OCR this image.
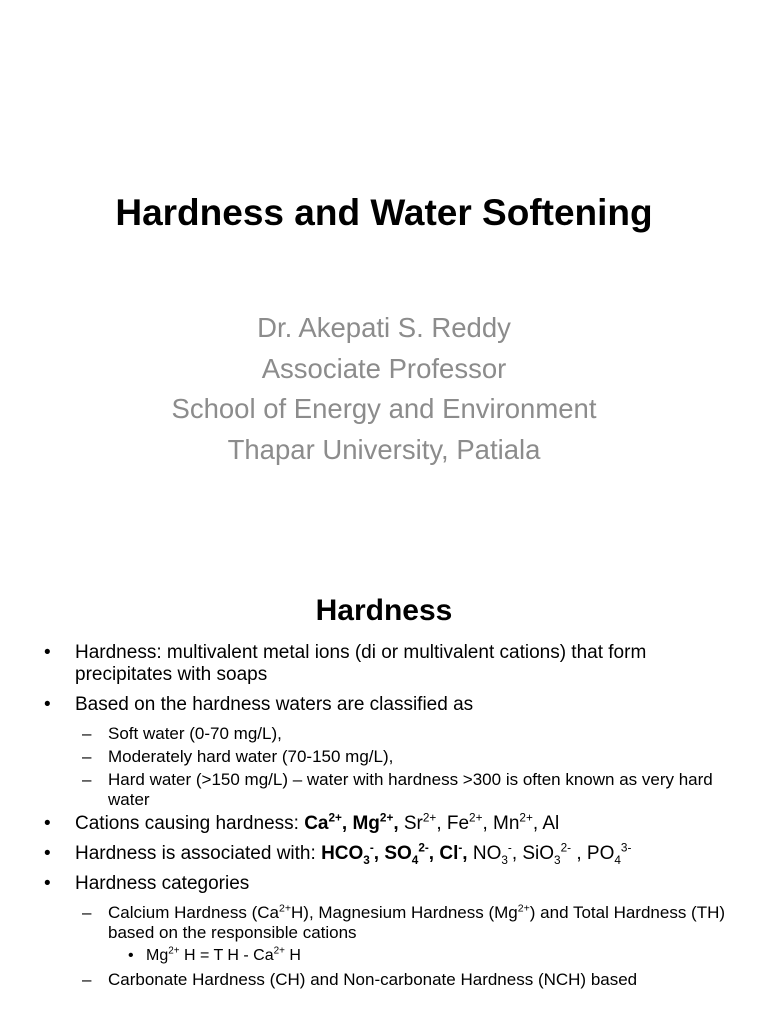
Hardness and Water Softening
Dr. Akepati S. Reddy
Associate Professor
School of Energy and Environment
Thapar University, Patiala
Hardness
• Hardness: multivalent metal ions (di or multivalent cations) that form precipitates with soaps
• Based on the hardness waters are classified as
– Soft water (0-70 mg/L),
– Moderately hard water (70-150 mg/L),
– Hard water (>150 mg/L) – water with hardness >300 is often known as very hard water
• Cations causing hardness: $Ca^{2+}$, $Mg^{2+}$, $Sr^{2+}$, $Fe^{2+}$, $Mn^{2+}$, Al
• Hardness is associated with: $HCO_3^-$, $SO_4^{2-}$, Cl-, $NO_3^-$, SiO$_3^{2-}$ , $PO_4^{3-}$
• Hardness categories
– Calcium Hardness $(Ca^{2+}H)$, Magnesium Hardness $(Mg^{2+})$ and Total Hardness (TH) based on the responsible cations
• $Mg^{2+}$ H = T H - $Ca^{2+}$ H
– Carbonate Hardness (CH) and Non-carbonate Hardness (NCH) based
